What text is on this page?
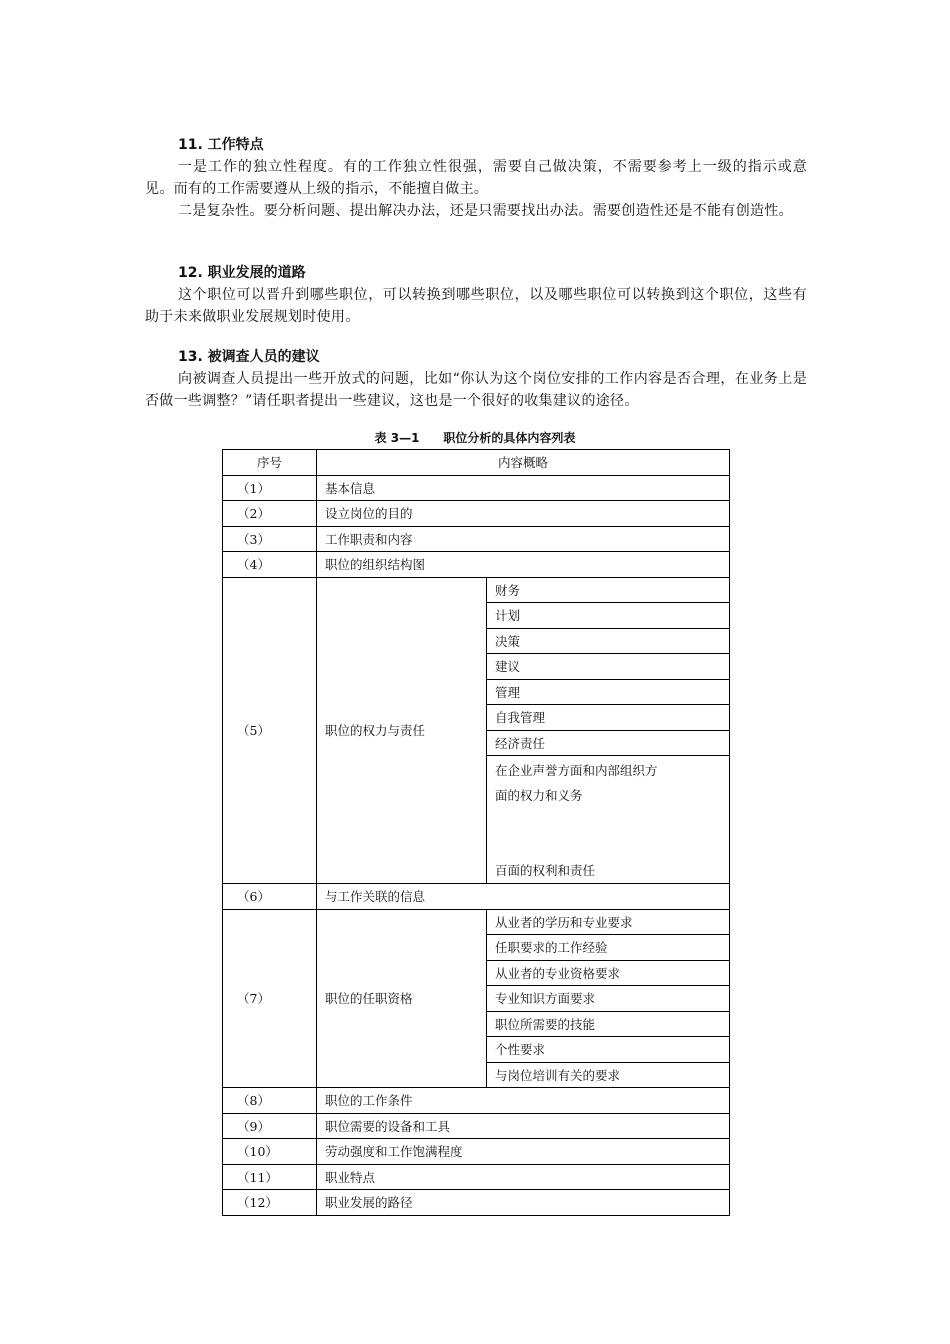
11. 工作特点

一是工作的独立性程度。有的工作独立性很强，需要自己做决策，不需要参考上一级的指示或意见。而有的工作需要遵从上级的指示，不能擅自做主。

二是复杂性。要分析问题、提出解决办法，还是只需要找出办法。需要创造性还是不能有创造性。

12. 职业发展的道路

这个职位可以晋升到哪些职位，可以转换到哪些职位，以及哪些职位可以转换到这个职位，这些有助于未来做职业发展规划时使用。

13. 被调查人员的建议

向被调查人员提出一些开放式的问题，比如“你认为这个岗位安排的工作内容是否合理，在业务上是否做一些调整？”请任职者提出一些建议，这也是一个很好的收集建议的途径。

表 3—1　　职位分析的具体内容列表
序号	内容概略	
（1）	基本信息	
（2）	设立岗位的目的	
（3）	工作职责和内容	
（4）	职位的组织结构图	
（5）	职位的权力与责任	财务
		计划
		决策
		建议
		管理
		自我管理
		经济责任

		在企业声誉方面和内部组织方
面的权力和义务
百面的权利和责任

（6）	与工作关联的信息	
（7）	职位的任职资格	从业者的学历和专业要求
		任职要求的工作经验
		从业者的专业资格要求
		专业知识方面要求
		职位所需要的技能
		个性要求
		与岗位培训有关的要求
（8）	职位的工作条件	
（9）	职位需要的设备和工具	
（10）	劳动强度和工作饱满程度	
（11）	职业特点	
（12）	职业发展的路径	
